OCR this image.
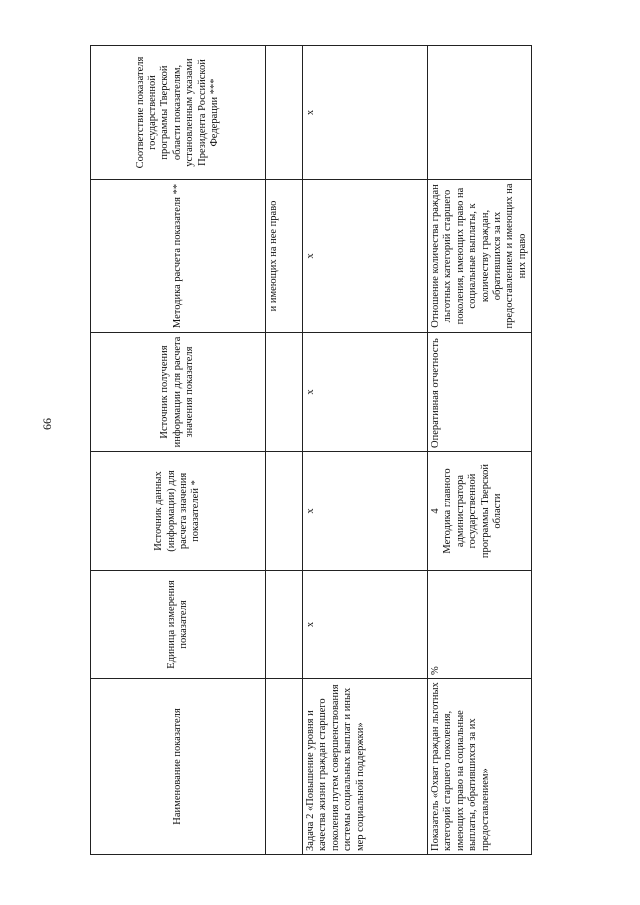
66
Наименование показателя	Единица измерения показателя	Источник данных (информации) для расчета значения показателей *	Источник получения информации для расчета значения показателя	Методика расчета показателя **	Соответствие показателя государственной программы Тверской области показателям, установленным указами Президента Российской Федерации ***
				и имеющих на нее право	
Задача 2 «Повышение уровня и качества жизни граждан старшего поколения путем совершенствования системы социальных выплат и иных мер социальной поддержки»	х	х	х	х	х
Показатель «Охват граждан льготных категорий старшего поколения, имеющих право на социальные выплаты, обратившихся за их предоставлением»	%	4 Методика главного администратора государственной программы Тверской области	Оперативная отчетность	Отношение количества граждан льготных категорий старшего поколения, имеющих право на социальные выплаты, к количеству граждан, обратившихся за их предоставлением и имеющих на них право	
